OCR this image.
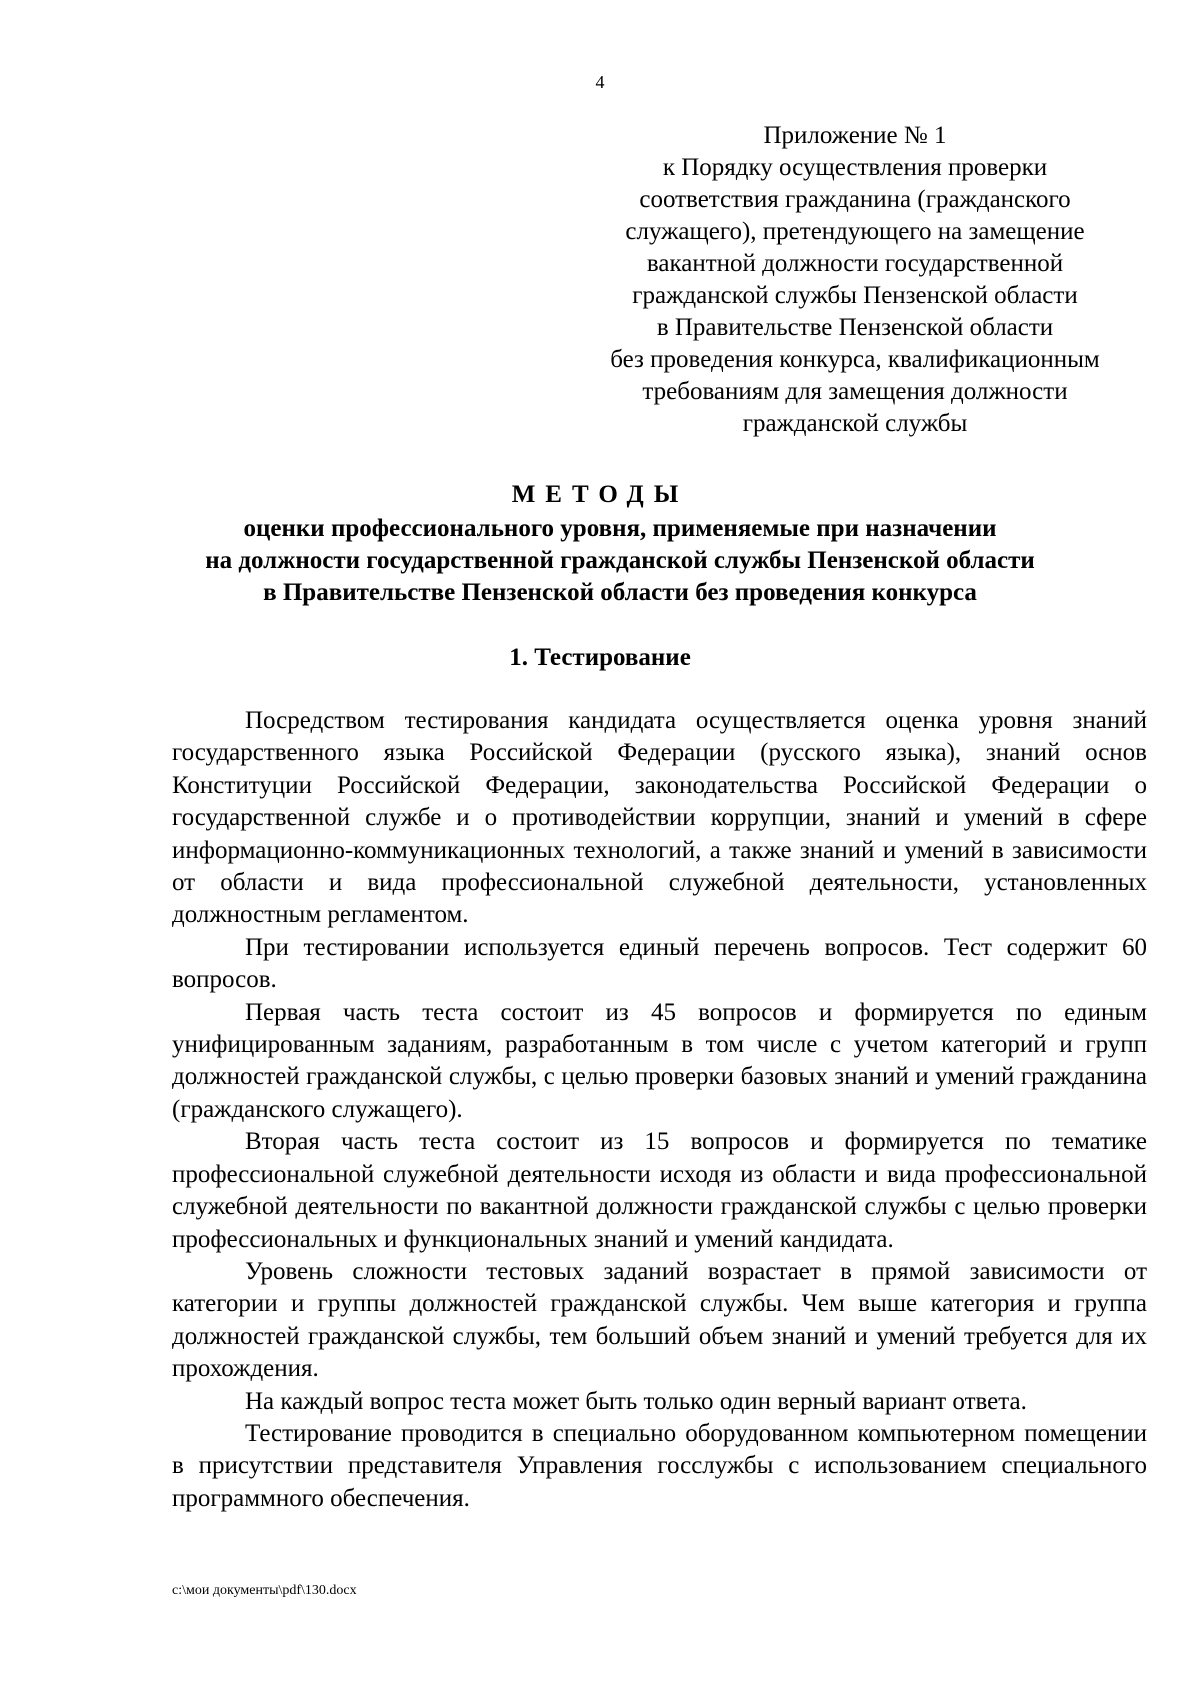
4
Приложение № 1
к Порядку осуществления проверки
соответствия гражданина (гражданского
служащего), претендующего на замещение
вакантной должности государственной
гражданской службы Пензенской области
в Правительстве Пензенской области
без проведения конкурса, квалификационным
требованиям для замещения должности
гражданской службы
МЕТОДЫ
оценки профессионального уровня, применяемые при назначении
на должности государственной гражданской службы Пензенской области
в Правительстве Пензенской области без проведения конкурса
1. Тестирование

Посредством тестирования кандидата осуществляется оценка уровня знаний государственного языка Российской Федерации (русского языка), знаний основ Конституции Российской Федерации, законодательства Российской Федерации о государственной службе и о противодействии коррупции, знаний и умений в сфере информационно-коммуникационных технологий, а также знаний и умений в зависимости от области и вида профессиональной служебной деятельности, установленных должностным регламентом.

При тестировании используется единый перечень вопросов. Тест содержит 60 вопросов.

Первая часть теста состоит из 45 вопросов и формируется по единым унифицированным заданиям, разработанным в том числе с учетом категорий и групп должностей гражданской службы, с целью проверки базовых знаний и умений гражданина (гражданского служащего).

Вторая часть теста состоит из 15 вопросов и формируется по тематике профессиональной служебной деятельности исходя из области и вида профессиональной служебной деятельности по вакантной должности гражданской службы с целью проверки профессиональных и функциональных знаний и умений кандидата.

Уровень сложности тестовых заданий возрастает в прямой зависимости от категории и группы должностей гражданской службы. Чем выше категория и группа должностей гражданской службы, тем больший объем знаний и умений требуется для их прохождения.

На каждый вопрос теста может быть только один верный вариант ответа.

Тестирование проводится в специально оборудованном компьютерном помещении в присутствии представителя Управления госслужбы с использованием специального программного обеспечения.

c:\мои документы\pdf\130.docx
